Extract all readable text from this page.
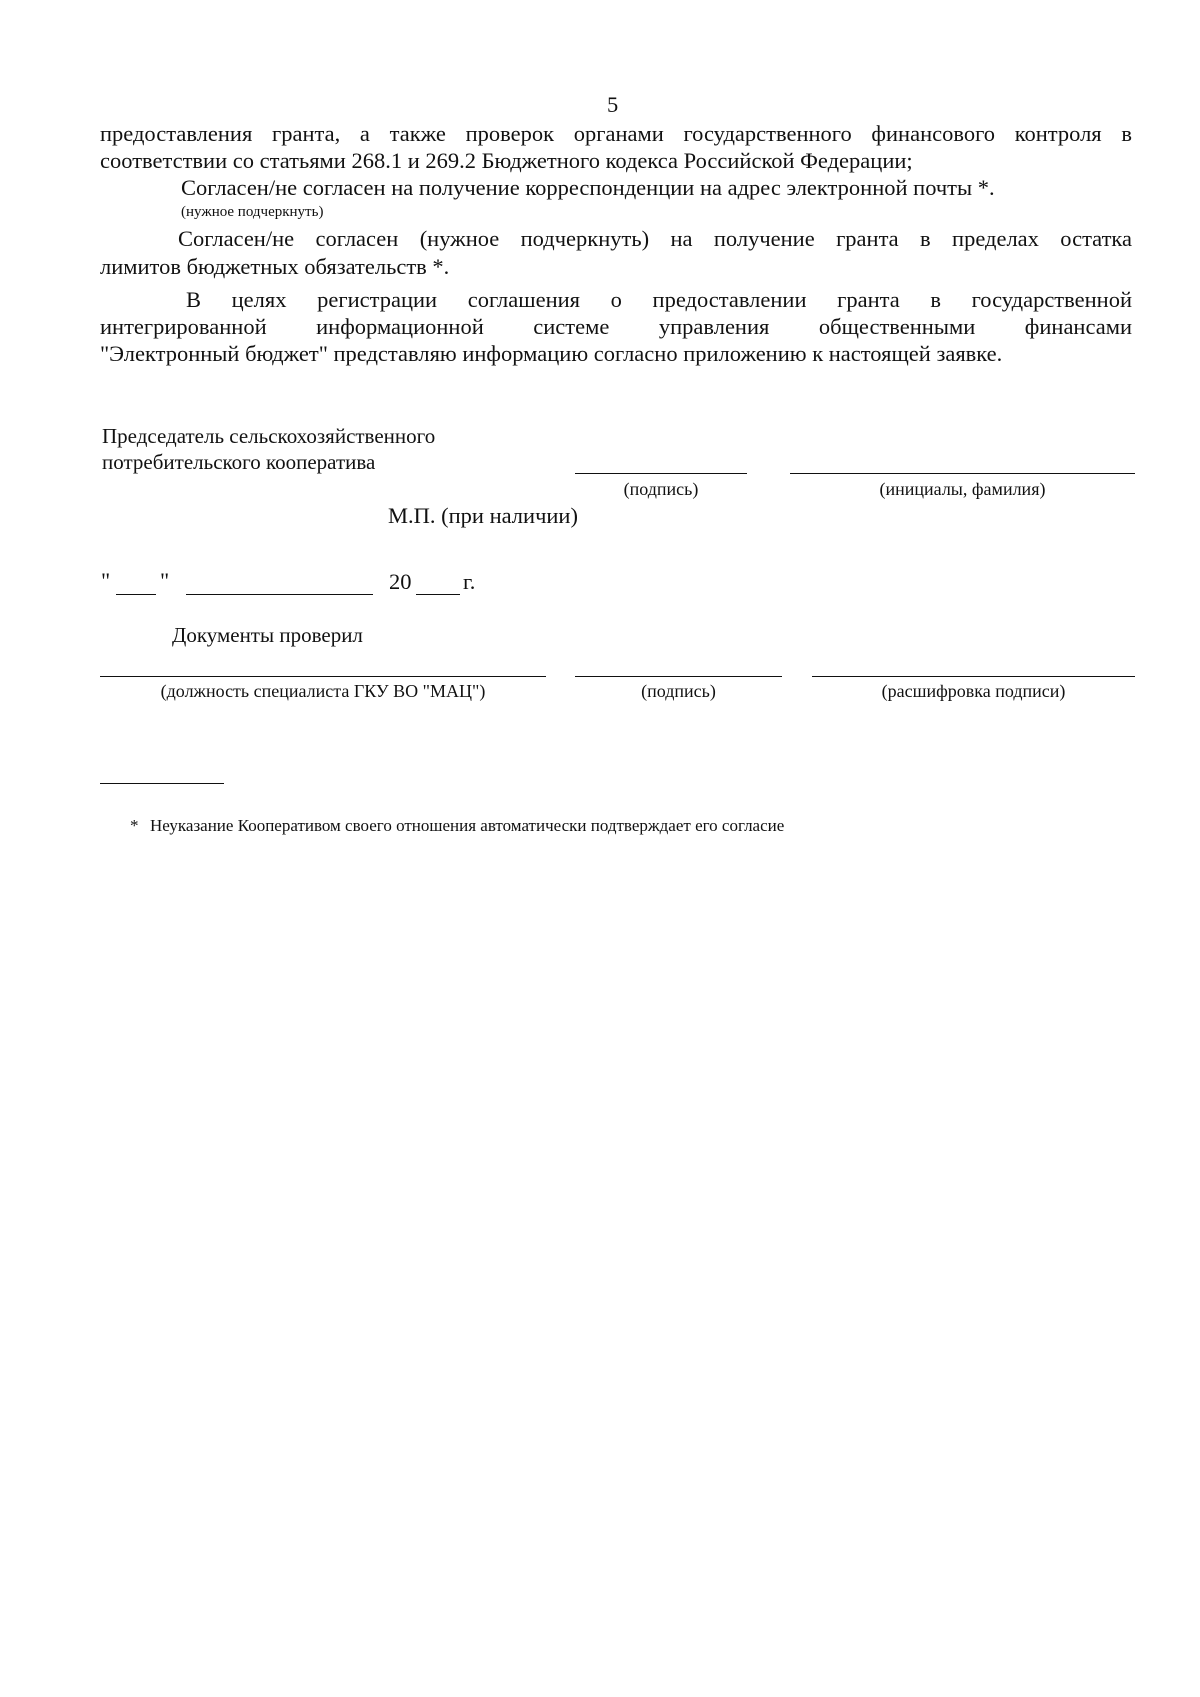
5
предоставления гранта, а также проверок органами государственного финансового контроля в
соответствии со статьями 268.1 и 269.2 Бюджетного кодекса Российской Федерации;
Согласен/не согласен на получение корреспонденции на адрес электронной почты *.
(нужное подчеркнуть)
Согласен/не согласен (нужное подчеркнуть) на получение гранта в пределах остатка
лимитов бюджетных обязательств *.
В целях регистрации соглашения о предоставлении гранта в государственной
интегрированной информационной системе управления общественными финансами
"Электронный бюджет" представляю информацию согласно приложению к настоящей заявке.
Председатель сельскохозяйственного
потребительского кооператива
(подпись)	(инициалы, фамилия)
М.П. (при наличии)
" "	20 г.
Документы проверил
(должность специалиста ГКУ ВО "МАЦ")	(подпись)	(расшифровка подписи)
* Неуказание Кооперативом своего отношения автоматически подтверждает его согласие
